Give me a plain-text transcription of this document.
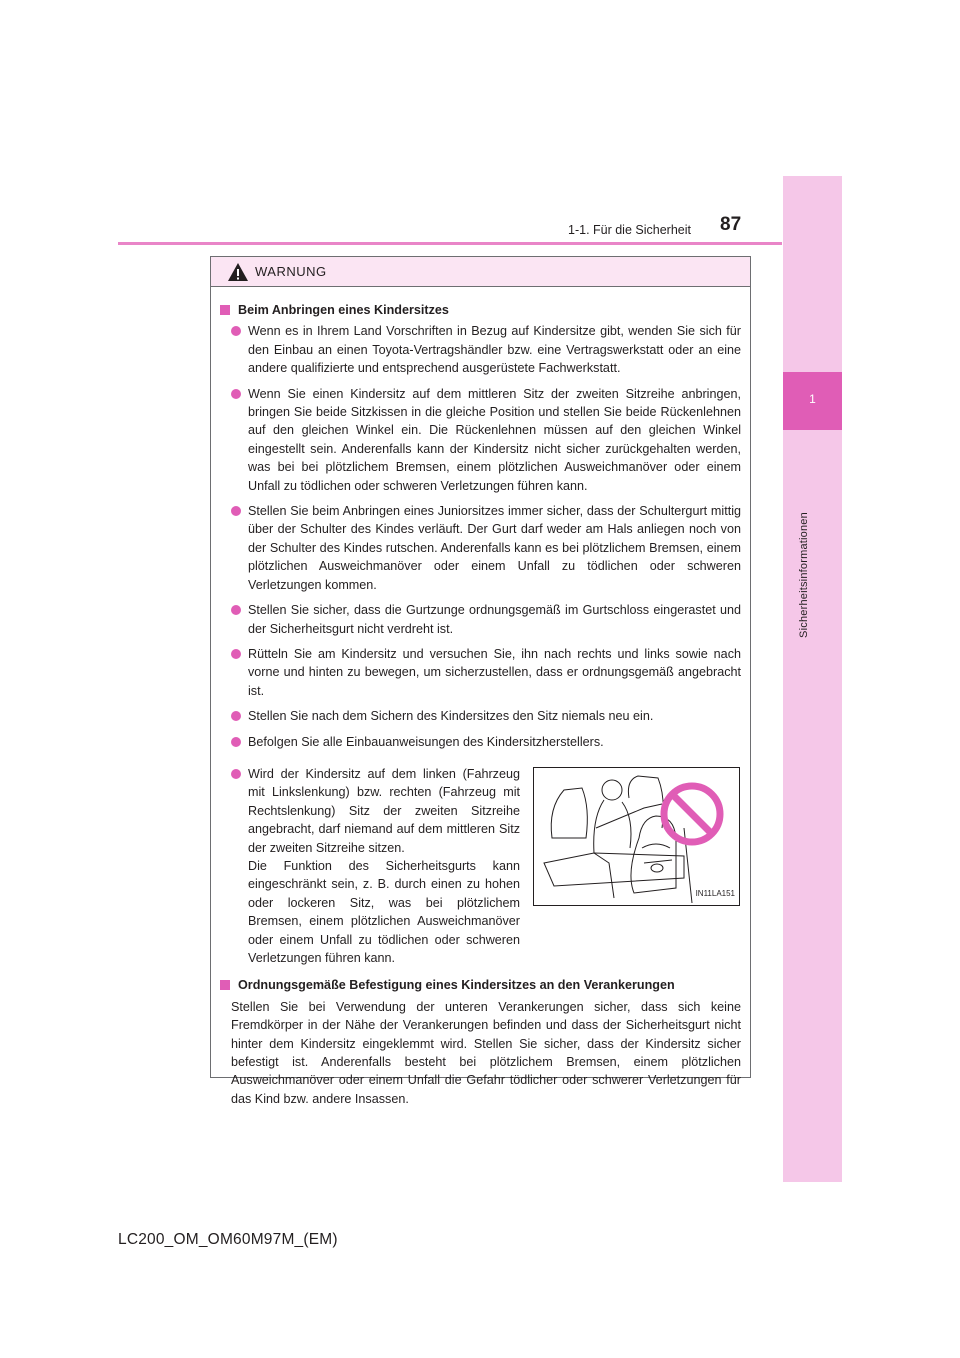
1-1. Für die Sicherheit 87
1
Sicherheitsinformationen
WARNUNG
Beim Anbringen eines Kindersitzes
Wenn es in Ihrem Land Vorschriften in Bezug auf Kindersitze gibt, wenden Sie sich für den Einbau an einen Toyota-Vertragshändler bzw. eine Vertragswerkstatt oder an eine andere qualifizierte und entsprechend ausgerüstete Fachwerkstatt.
Wenn Sie einen Kindersitz auf dem mittleren Sitz der zweiten Sitzreihe anbringen, bringen Sie beide Sitzkissen in die gleiche Position und stellen Sie beide Rückenlehnen auf den gleichen Winkel ein. Die Rückenlehnen müssen auf den gleichen Winkel eingestellt sein. Anderenfalls kann der Kindersitz nicht sicher zurückgehalten werden, was bei bei plötzlichem Bremsen, einem plötzlichen Ausweichmanöver oder einem Unfall zu tödlichen oder schweren Verletzungen führen kann.
Stellen Sie beim Anbringen eines Juniorsitzes immer sicher, dass der Schultergurt mittig über der Schulter des Kindes verläuft. Der Gurt darf weder am Hals anliegen noch von der Schulter des Kindes rutschen. Anderenfalls kann es bei plötzlichem Bremsen, einem plötzlichen Ausweichmanöver oder einem Unfall zu tödlichen oder schweren Verletzungen kommen.
Stellen Sie sicher, dass die Gurtzunge ordnungsgemäß im Gurtschloss eingerastet und der Sicherheitsgurt nicht verdreht ist.
Rütteln Sie am Kindersitz und versuchen Sie, ihn nach rechts und links sowie nach vorne und hinten zu bewegen, um sicherzustellen, dass er ordnungsgemäß angebracht ist.
Stellen Sie nach dem Sichern des Kindersitzes den Sitz niemals neu ein.
Befolgen Sie alle Einbauanweisungen des Kindersitzherstellers.
Wird der Kindersitz auf dem linken (Fahrzeug mit Linkslenkung) bzw. rechten (Fahrzeug mit Rechtslenkung) Sitz der zweiten Sitzreihe angebracht, darf niemand auf dem mittleren Sitz der zweiten Sitzreihe sitzen.
Die Funktion des Sicherheitsgurts kann eingeschränkt sein, z. B. durch einen zu hohen oder lockeren Sitz, was bei plötzlichem Bremsen, einem plötzlichen Ausweichmanöver oder einem Unfall zu tödlichen oder schweren Verletzungen führen kann.
IN11LA151
Ordnungsgemäße Befestigung eines Kindersitzes an den Verankerungen
Stellen Sie bei Verwendung der unteren Verankerungen sicher, dass sich keine Fremdkörper in der Nähe der Verankerungen befinden und dass der Sicherheitsgurt nicht hinter dem Kindersitz eingeklemmt wird. Stellen Sie sicher, dass der Kindersitz sicher befestigt ist. Anderenfalls besteht bei plötzlichem Bremsen, einem plötzlichen Ausweichmanöver oder einem Unfall die Gefahr tödlicher oder schwerer Verletzungen für das Kind bzw. andere Insassen.
LC200_OM_OM60M97M_(EM)
